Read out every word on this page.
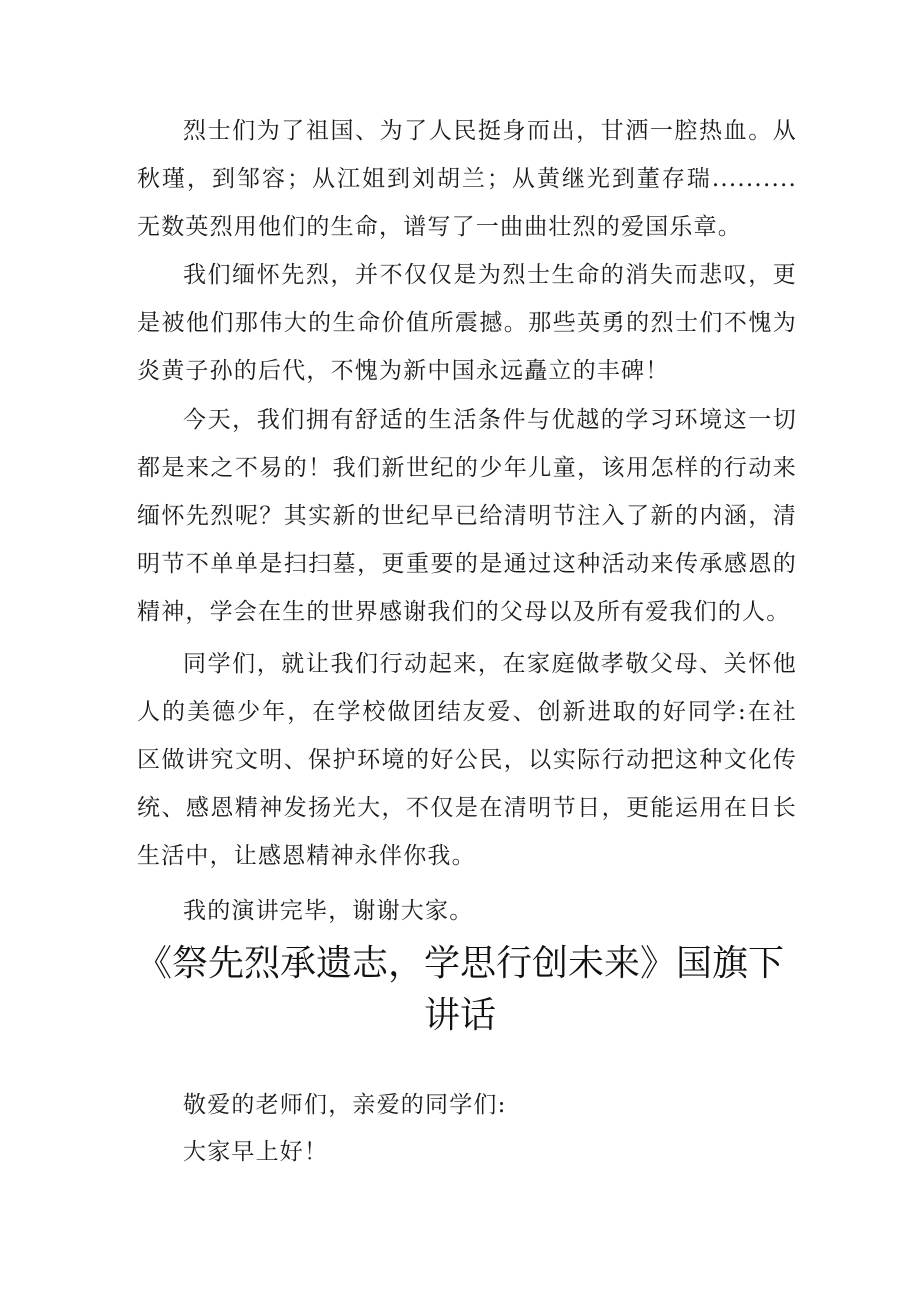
烈士们为了祖国、为了人民挺身而出，甘洒一腔热血。从秋瑾，到邹容；从江姐到刘胡兰；从黄继光到董存瑞..........无数英烈用他们的生命，谱写了一曲曲壮烈的爱国乐章。

我们缅怀先烈，并不仅仅是为烈士生命的消失而悲叹，更是被他们那伟大的生命价值所震撼。那些英勇的烈士们不愧为炎黄子孙的后代，不愧为新中国永远矗立的丰碑！

今天，我们拥有舒适的生活条件与优越的学习环境这一切都是来之不易的！我们新世纪的少年儿童，该用怎样的行动来缅怀先烈呢？其实新的世纪早已给清明节注入了新的内涵，清明节不单单是扫扫墓，更重要的是通过这种活动来传承感恩的精神，学会在生的世界感谢我们的父母以及所有爱我们的人。

同学们，就让我们行动起来，在家庭做孝敬父母、关怀他人的美德少年，在学校做团结友爱、创新进取的好同学:在社区做讲究文明、保护环境的好公民，以实际行动把这种文化传统、感恩精神发扬光大，不仅是在清明节日，更能运用在日长生活中，让感恩精神永伴你我。

我的演讲完毕，谢谢大家。

《祭先烈承遗志，学思行创未来》国旗下
讲话

敬爱的老师们，亲爱的同学们:

大家早上好！
